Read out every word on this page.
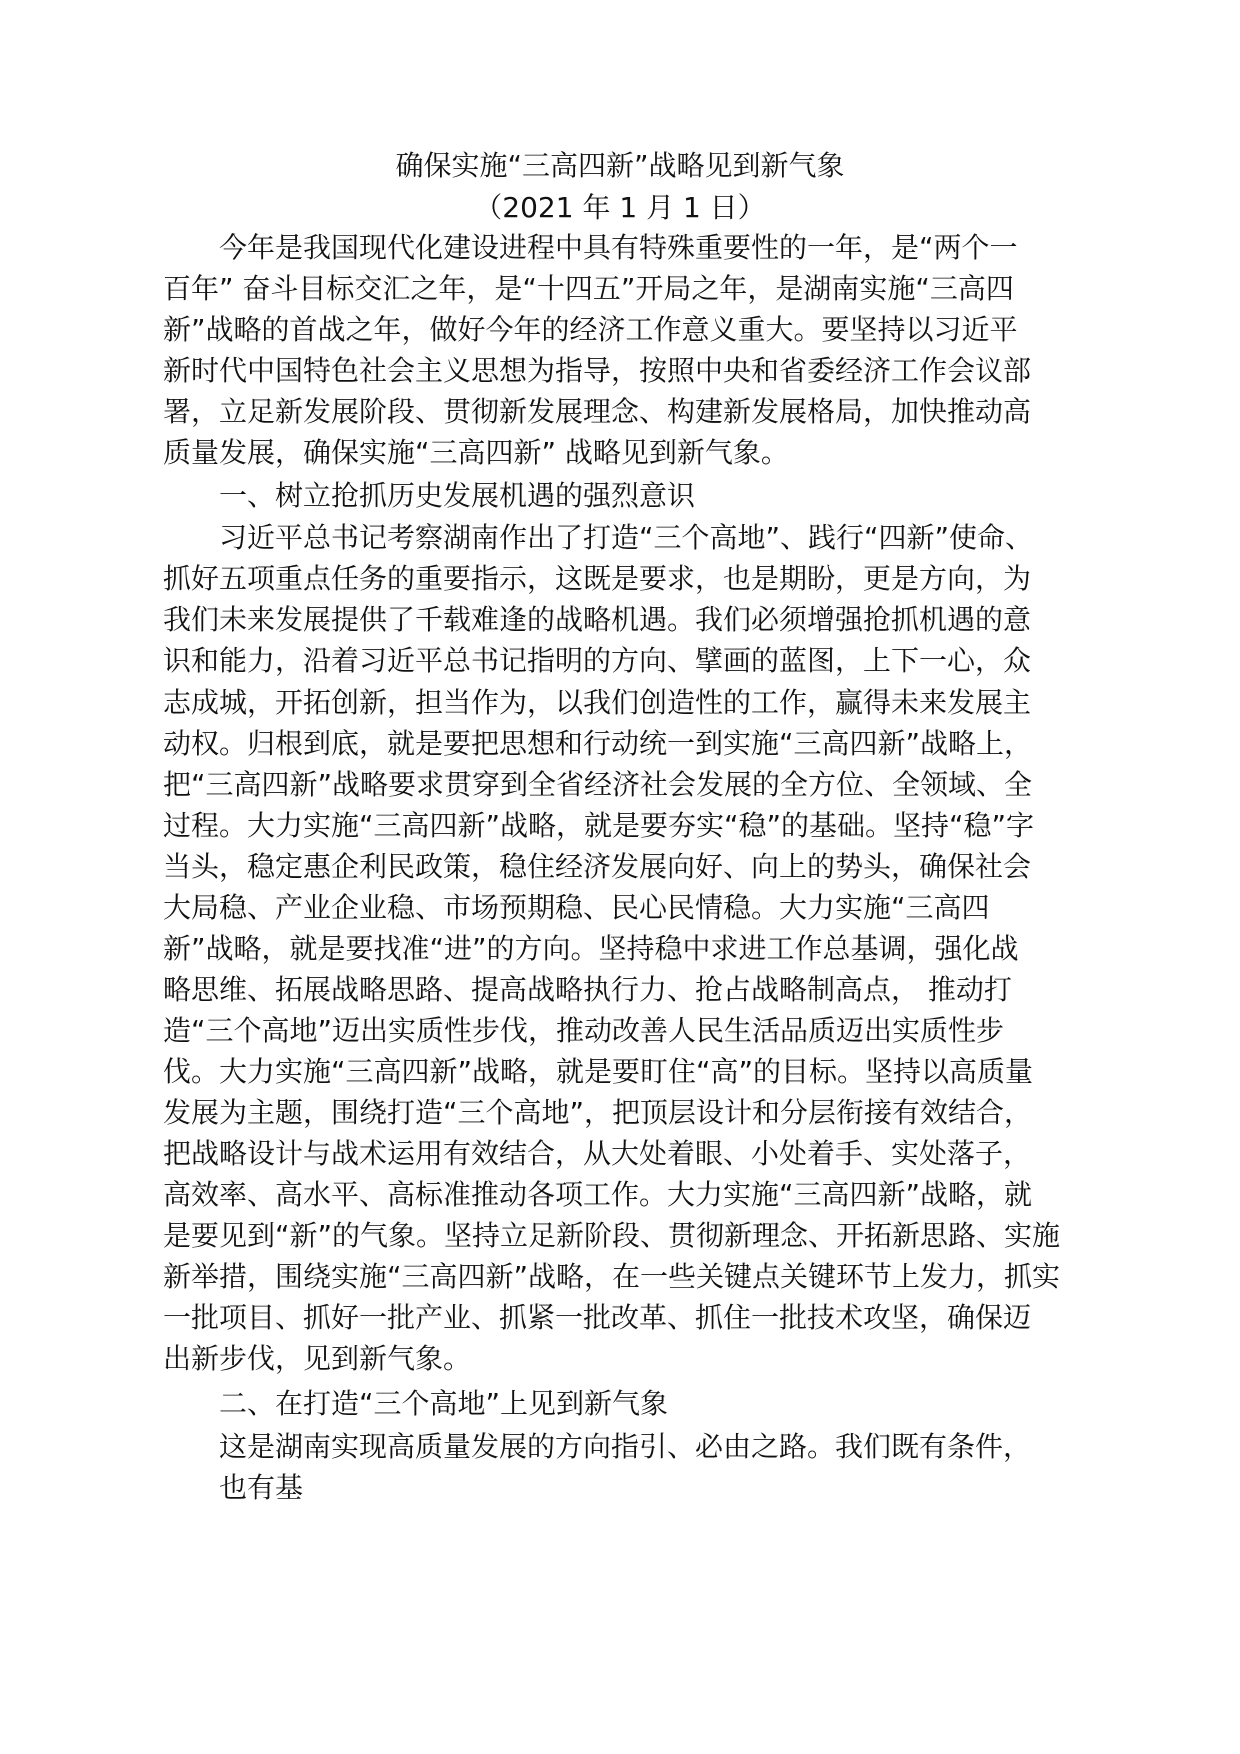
确保实施“三高四新”战略见到新气象
（2021 年 1 月 1 日）
　　今年是我国现代化建设进程中具有特殊重要性的一年，是“两个一
百年” 奋斗目标交汇之年，是“十四五”开局之年，是湖南实施“三高四
新”战略的首战之年，做好今年的经济工作意义重大。要坚持以习近平
新时代中国特色社会主义思想为指导，按照中央和省委经济工作会议部
署，立足新发展阶段、贯彻新发展理念、构建新发展格局，加快推动高
质量发展，确保实施“三高四新” 战略见到新气象。
　　一、树立抢抓历史发展机遇的强烈意识
　　习近平总书记考察湖南作出了打造“三个高地”、践行“四新”使命、
抓好五项重点任务的重要指示，这既是要求，也是期盼，更是方向，为
我们未来发展提供了千载难逢的战略机遇。我们必须增强抢抓机遇的意
识和能力，沿着习近平总书记指明的方向、擘画的蓝图，上下一心，众
志成城，开拓创新，担当作为，以我们创造性的工作，赢得未来发展主
动权。归根到底，就是要把思想和行动统一到实施“三高四新”战略上，
把“三高四新”战略要求贯穿到全省经济社会发展的全方位、全领域、全
过程。大力实施“三高四新”战略，就是要夯实“稳”的基础。坚持“稳”字
当头，稳定惠企利民政策，稳住经济发展向好、向上的势头，确保社会
大局稳、产业企业稳、市场预期稳、民心民情稳。大力实施“三高四
新”战略，就是要找准“进”的方向。坚持稳中求进工作总基调，强化战
略思维、拓展战略思路、提高战略执行力、抢占战略制高点， 推动打
造“三个高地”迈出实质性步伐，推动改善人民生活品质迈出实质性步
伐。大力实施“三高四新”战略，就是要盯住“高”的目标。坚持以高质量
发展为主题，围绕打造“三个高地”，把顶层设计和分层衔接有效结合，
把战略设计与战术运用有效结合，从大处着眼、小处着手、实处落子，
高效率、高水平、高标准推动各项工作。大力实施“三高四新”战略，就
是要见到“新”的气象。坚持立足新阶段、贯彻新理念、开拓新思路、实施
新举措，围绕实施“三高四新”战略，在一些关键点关键环节上发力，抓实
一批项目、抓好一批产业、抓紧一批改革、抓住一批技术攻坚，确保迈
出新步伐，见到新气象。
　　二、在打造“三个高地”上见到新气象
　　这是湖南实现高质量发展的方向指引、必由之路。我们既有条件，
　　也有基
